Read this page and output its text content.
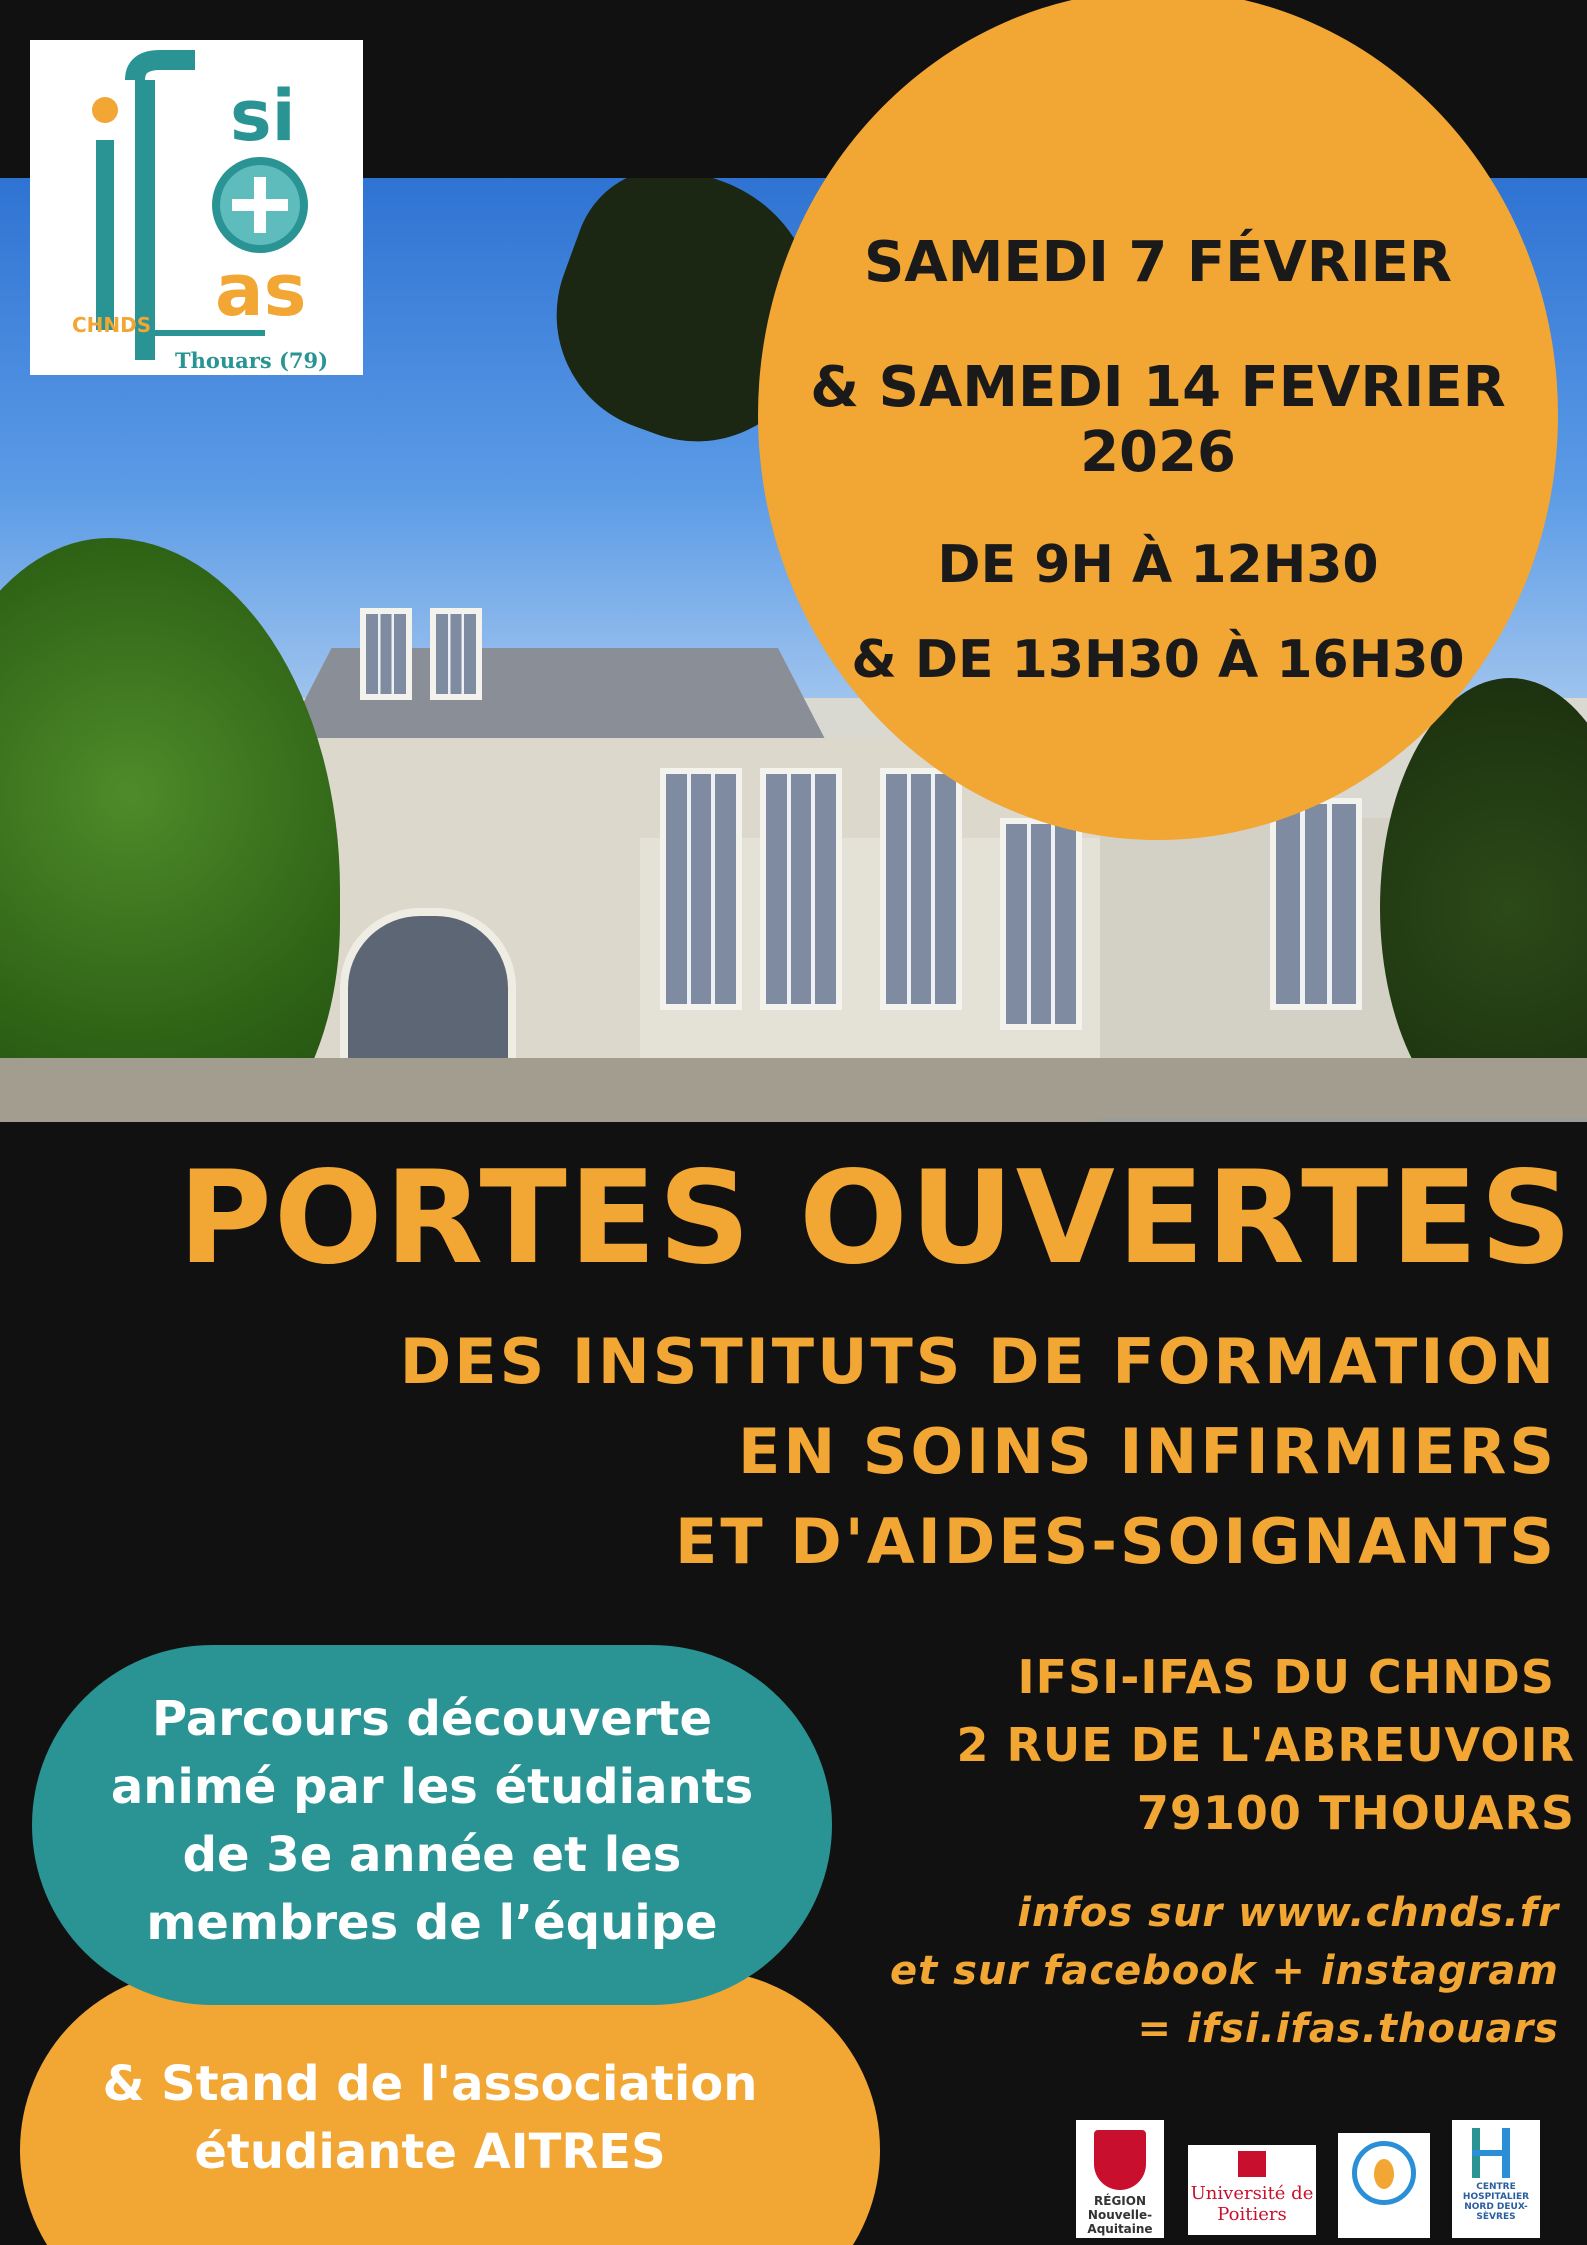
si
as
CHNDS
Thouars (79)
SAMEDI 7 FÉVRIER
& SAMEDI 14 FEVRIER 2026
DE 9H À 12H30
& DE 13H30 À 16H30
PORTES OUVERTES
DES INSTITUTS DE FORMATION
EN SOINS INFIRMIERS
ET D'AIDES-SOIGNANTS
IFSI-IFAS DU CHNDS
2 RUE DE L'ABREUVOIR
79100 THOUARS
infos sur www.chnds.fr
et sur facebook + instagram
= ifsi.ifas.thouars
Parcours découverte
animé par les étudiants
de 3e année et les
membres de l’équipe
& Stand de l'association
étudiante AITRES
RÉGION Nouvelle-Aquitaine
Université de Poitiers
CENTRE HOSPITALIER NORD DEUX-SÈVRES
